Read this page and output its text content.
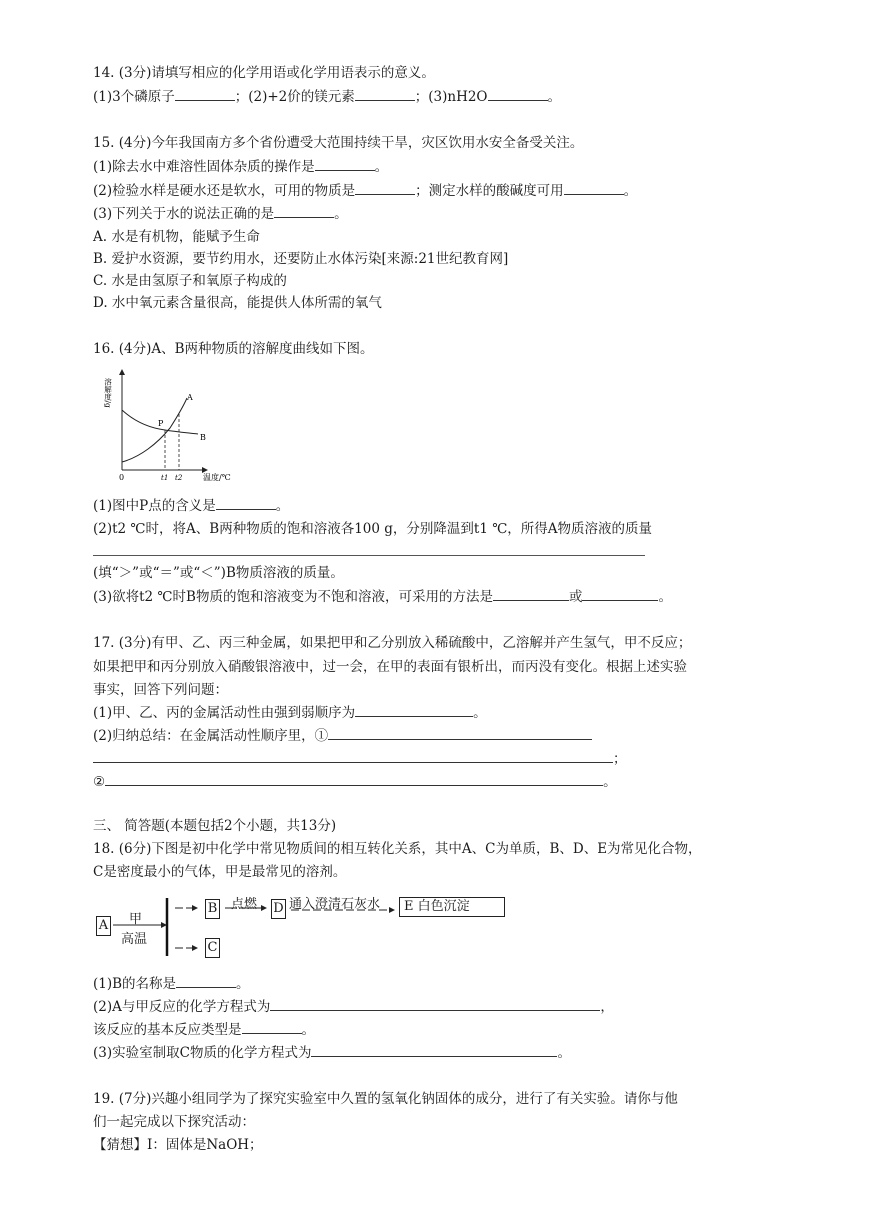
14. (3分)请填写相应的化学用语或化学用语表示的意义。
(1)3个磷原子	；(2)+2价的镁元素	；(3)nH2O	。
15. (4分)今年我国南方多个省份遭受大范围持续干旱，灾区饮用水安全备受关注。
(1)除去水中难溶性固体杂质的操作是	。
(2)检验水样是硬水还是软水，可用的物质是	；测定水样的酸碱度可用	。
(3)下列关于水的说法正确的是	。
A. 水是有机物，能赋予生命
B. 爱护水资源，要节约用水，还要防止水体污染[来源:21世纪教育网]
C. 水是由氢原子和氧原子构成的
D. 水中氧元素含量很高，能提供人体所需的氧气
16. (4分)A、B两种物质的溶解度曲线如下图。
溶解度/g
温度/℃
0
A
B
P
t1 t2
(1)图中P点的含义是	。
(2)t2 ℃时，将A、B两种物质的饱和溶液各100 g，分别降温到t1 ℃，所得A物质溶液的质量
(填“＞”或“＝”或“＜”)B物质溶液的质量。
(3)欲将t2 ℃时B物质的饱和溶液变为不饱和溶液，可采用的方法是	或	。
17. (3分)有甲、乙、丙三种金属，如果把甲和乙分别放入稀硫酸中，乙溶解并产生氢气，甲不反应；
如果把甲和丙分别放入硝酸银溶液中，过一会，在甲的表面有银析出，而丙没有变化。根据上述实验
事实，回答下列问题：
(1)甲、乙、丙的金属活动性由强到弱顺序为	。
(2)归纳总结：在金属活动性顺序里，①
；
②	。
三、 简答题(本题包括2个小题，共13分)
18. (6分)下图是初中化学中常见物质间的相互转化关系，其中A、C为单质，B、D、E为常见化合物，
C是密度最小的气体，甲是最常见的溶剂。
A 甲
高温
B 点燃 D 通入澄清石灰水	E 白色沉淀
C
(1)B的名称是	。
(2)A与甲反应的化学方程式为	，
该反应的基本反应类型是	。
(3)实验室制取C物质的化学方程式为	。
19. (7分)兴趣小组同学为了探究实验室中久置的氢氧化钠固体的成分，进行了有关实验。请你与他
们一起完成以下探究活动：
【猜想】Ⅰ：固体是NaOH；
